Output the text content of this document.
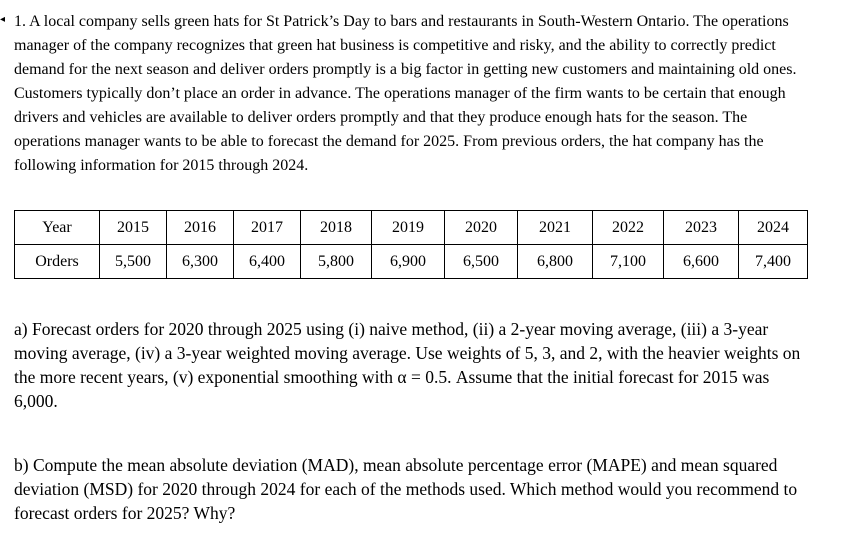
◂ 1. A local company sells green hats for St Patrick’s Day to bars and restaurants in South-Western Ontario. The operations manager of the company recognizes that green hat business is competitive and risky, and the ability to correctly predict demand for the next season and deliver orders promptly is a big factor in getting new customers and maintaining old ones. Customers typically don’t place an order in advance. The operations manager of the firm wants to be certain that enough drivers and vehicles are available to deliver orders promptly and that they produce enough hats for the season. The operations manager wants to be able to forecast the demand for 2025. From previous orders, the hat company has the following information for 2015 through 2024.

Year	2015	2016	2017	2018	2019	2020	2021	2022	2023	2024
Orders	5,500	6,300	6,400	5,800	6,900	6,500	6,800	7,100	6,600	7,400

a) Forecast orders for 2020 through 2025 using (i) naive method, (ii) a 2-year moving average, (iii) a 3-year moving average, (iv) a 3-year weighted moving average. Use weights of 5, 3, and 2, with the heavier weights on the more recent years, (v) exponential smoothing with α = 0.5. Assume that the initial forecast for 2015 was 6,000.

b) Compute the mean absolute deviation (MAD), mean absolute percentage error (MAPE) and mean squared deviation (MSD) for 2020 through 2024 for each of the methods used. Which method would you recommend to forecast orders for 2025? Why?
